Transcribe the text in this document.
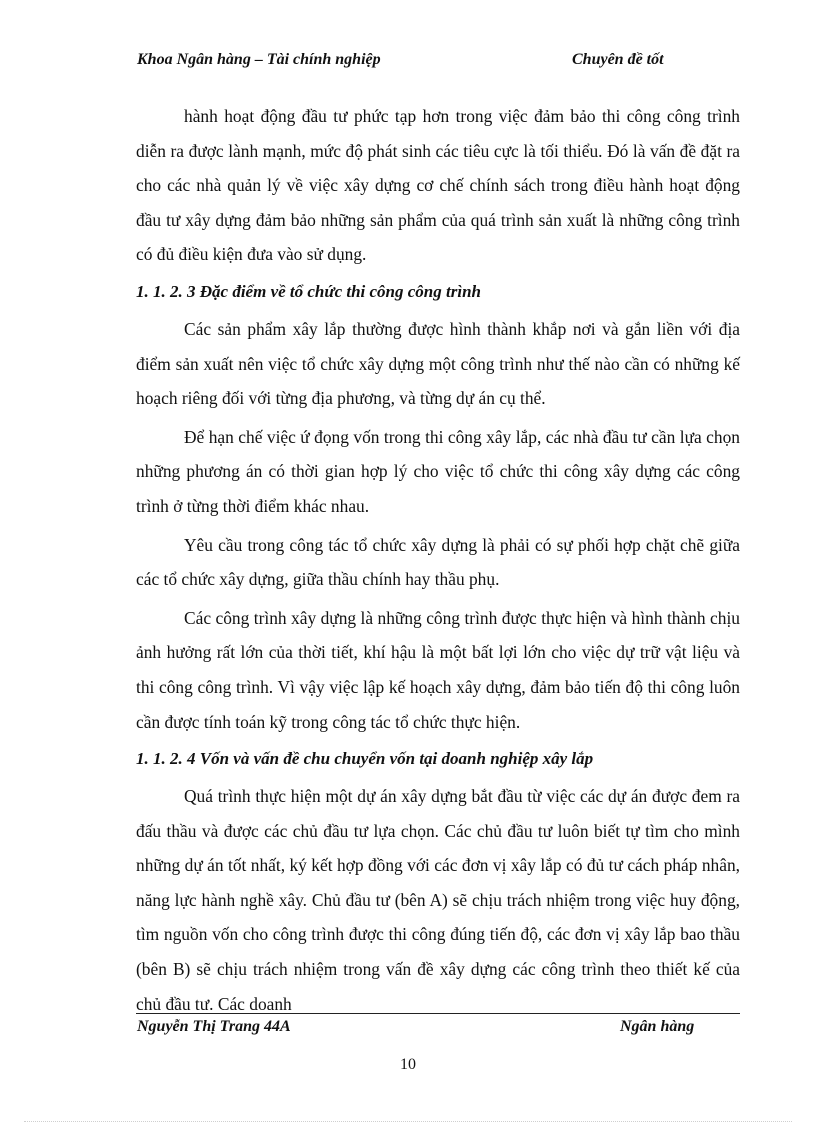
Khoa Ngân hàng – Tài chính nghiệp	Chuyên đề tốt

hành hoạt động đầu tư phức tạp hơn trong việc đảm bảo thi công công trình diễn ra được lành mạnh, mức độ phát sinh các tiêu cực là tối thiểu. Đó là vấn đề đặt ra cho các nhà quản lý về việc xây dựng cơ chế chính sách trong điều hành hoạt động đầu tư xây dựng đảm bảo những sản phẩm của quá trình sản xuất là những công trình có đủ điều kiện đưa vào sử dụng.

1. 1. 2. 3 Đặc điểm về tổ chức thi công công trình

Các sản phẩm xây lắp thường được hình thành khắp nơi và gắn liền với địa điểm sản xuất nên việc tổ chức xây dựng một công trình như thế nào cần có những kế hoạch riêng đối với từng địa phương, và từng dự án cụ thể.

Để hạn chế việc ứ đọng vốn trong thi công xây lắp, các nhà đầu tư cần lựa chọn những phương án có thời gian hợp lý cho việc tổ chức thi công xây dựng các công trình ở từng thời điểm khác nhau.

Yêu cầu trong công tác tổ chức xây dựng là phải có sự phối hợp chặt chẽ giữa các tổ chức xây dựng, giữa thầu chính hay thầu phụ.

Các công trình xây dựng là những công trình được thực hiện và hình thành chịu ảnh hưởng rất lớn của thời tiết, khí hậu là một bất lợi lớn cho việc dự trữ vật liệu và thi công công trình. Vì vậy việc lập kế hoạch xây dựng, đảm bảo tiến độ thi công luôn cần được tính toán kỹ trong công tác tổ chức thực hiện.

1. 1. 2. 4 Vốn và vấn đề chu chuyển vốn tại doanh nghiệp xây lắp

Quá trình thực hiện một dự án xây dựng bắt đầu từ việc các dự án được đem ra đấu thầu và được các chủ đầu tư lựa chọn. Các chủ đầu tư luôn biết tự tìm cho mình những dự án tốt nhất, ký kết hợp đồng với các đơn vị xây lắp có đủ tư cách pháp nhân, năng lực hành nghề xây. Chủ đầu tư (bên A) sẽ chịu trách nhiệm trong việc huy động, tìm nguồn vốn cho công trình được thi công đúng tiến độ, các đơn vị xây lắp bao thầu (bên B) sẽ chịu trách nhiệm trong vấn đề xây dựng các công trình theo thiết kế của chủ đầu tư. Các doanh

Nguyễn Thị Trang 44A	Ngân hàng
10
